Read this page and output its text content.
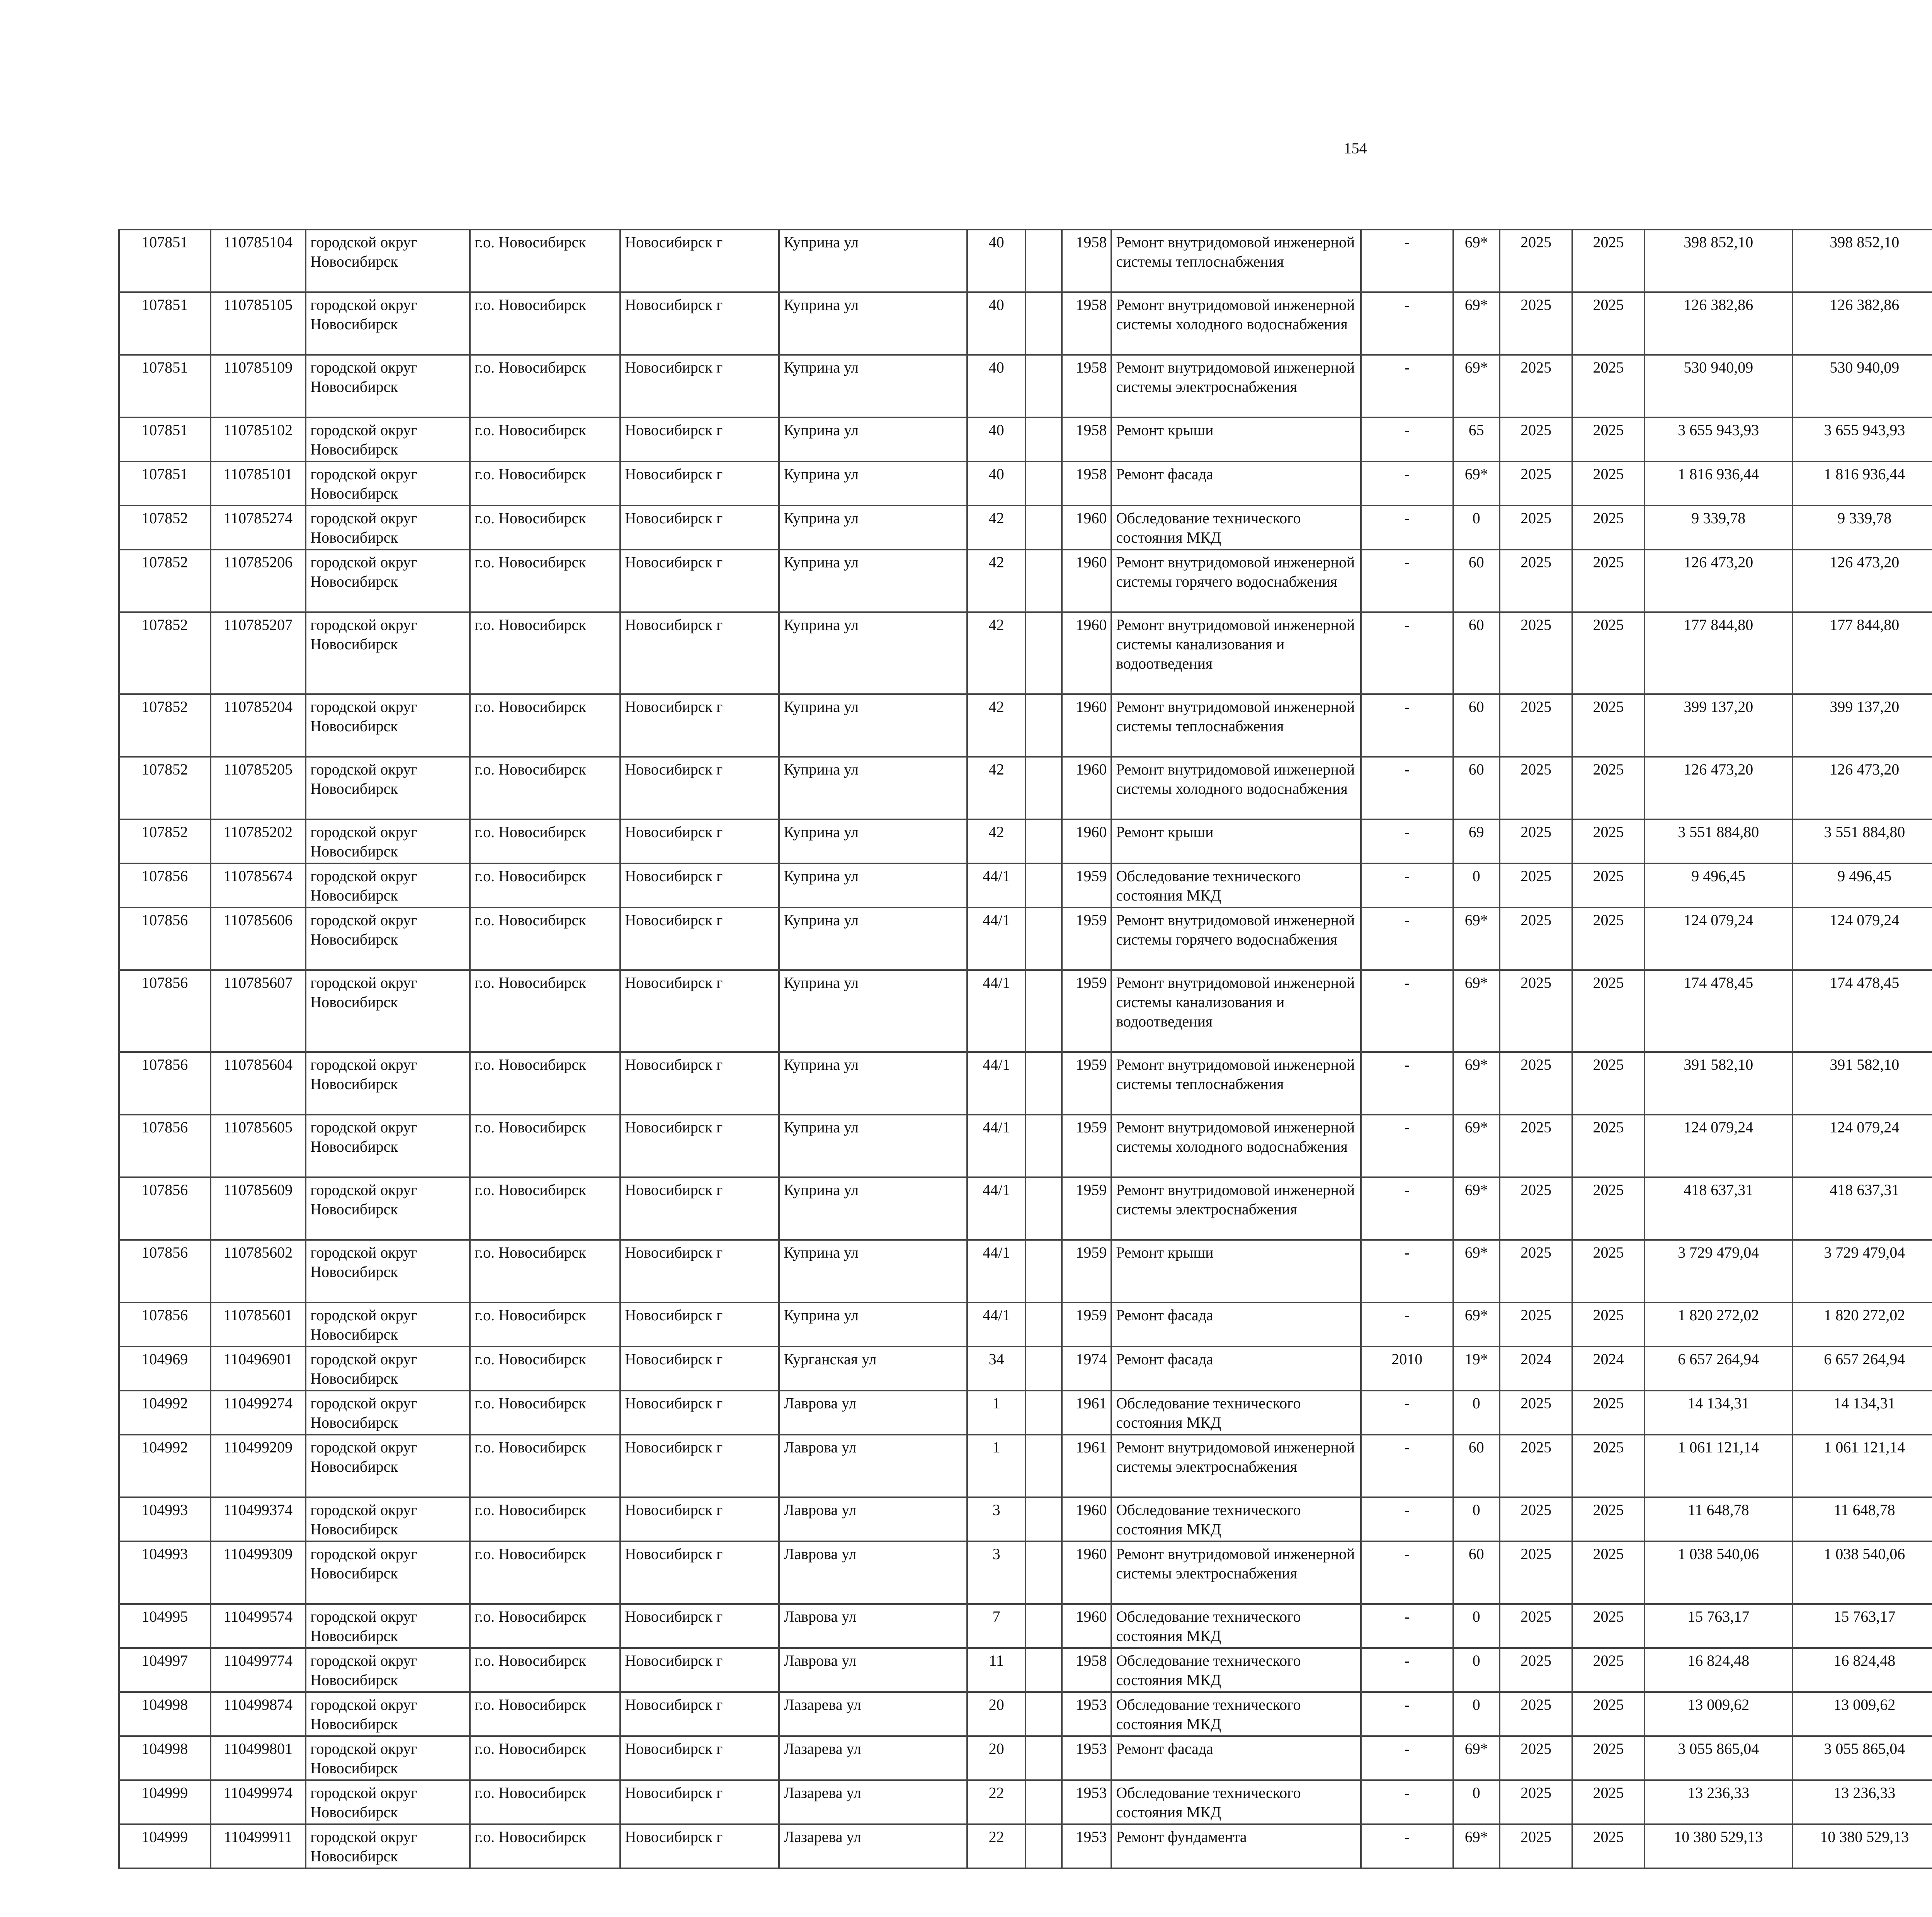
154
107851	110785104	городской округ Новосибирск	г.о. Новосибирск	Новосибирск г	Куприна ул	40		1958	Ремонт внутридомовой инженерной системы теплоснабжения	-	69*	2025	2025	398 852,10	398 852,10						
107851	110785105	городской округ Новосибирск	г.о. Новосибирск	Новосибирск г	Куприна ул	40		1958	Ремонт внутридомовой инженерной системы холодного водоснабжения	-	69*	2025	2025	126 382,86	126 382,86						
107851	110785109	городской округ Новосибирск	г.о. Новосибирск	Новосибирск г	Куприна ул	40		1958	Ремонт внутридомовой инженерной системы электроснабжения	-	69*	2025	2025	530 940,09	530 940,09						
107851	110785102	городской округ Новосибирск	г.о. Новосибирск	Новосибирск г	Куприна ул	40		1958	Ремонт крыши	-	65	2025	2025	3 655 943,93	3 655 943,93						
107851	110785101	городской округ Новосибирск	г.о. Новосибирск	Новосибирск г	Куприна ул	40		1958	Ремонт фасада	-	69*	2025	2025	1 816 936,44	1 816 936,44						
107852	110785274	городской округ Новосибирск	г.о. Новосибирск	Новосибирск г	Куприна ул	42		1960	Обследование технического состояния МКД	-	0	2025	2025	9 339,78	9 339,78						
107852	110785206	городской округ Новосибирск	г.о. Новосибирск	Новосибирск г	Куприна ул	42		1960	Ремонт внутридомовой инженерной системы горячего водоснабжения	-	60	2025	2025	126 473,20	126 473,20						
107852	110785207	городской округ Новосибирск	г.о. Новосибирск	Новосибирск г	Куприна ул	42		1960	Ремонт внутридомовой инженерной системы канализования и водоотведения	-	60	2025	2025	177 844,80	177 844,80						
107852	110785204	городской округ Новосибирск	г.о. Новосибирск	Новосибирск г	Куприна ул	42		1960	Ремонт внутридомовой инженерной системы теплоснабжения	-	60	2025	2025	399 137,20	399 137,20						
107852	110785205	городской округ Новосибирск	г.о. Новосибирск	Новосибирск г	Куприна ул	42		1960	Ремонт внутридомовой инженерной системы холодного водоснабжения	-	60	2025	2025	126 473,20	126 473,20						
107852	110785202	городской округ Новосибирск	г.о. Новосибирск	Новосибирск г	Куприна ул	42		1960	Ремонт крыши	-	69	2025	2025	3 551 884,80	3 551 884,80						
107856	110785674	городской округ Новосибирск	г.о. Новосибирск	Новосибирск г	Куприна ул	44/1		1959	Обследование технического состояния МКД	-	0	2025	2025	9 496,45	9 496,45						
107856	110785606	городской округ Новосибирск	г.о. Новосибирск	Новосибирск г	Куприна ул	44/1		1959	Ремонт внутридомовой инженерной системы горячего водоснабжения	-	69*	2025	2025	124 079,24	124 079,24						
107856	110785607	городской округ Новосибирск	г.о. Новосибирск	Новосибирск г	Куприна ул	44/1		1959	Ремонт внутридомовой инженерной системы канализования и водоотведения	-	69*	2025	2025	174 478,45	174 478,45						
107856	110785604	городской округ Новосибирск	г.о. Новосибирск	Новосибирск г	Куприна ул	44/1		1959	Ремонт внутридомовой инженерной системы теплоснабжения	-	69*	2025	2025	391 582,10	391 582,10						
107856	110785605	городской округ Новосибирск	г.о. Новосибирск	Новосибирск г	Куприна ул	44/1		1959	Ремонт внутридомовой инженерной системы холодного водоснабжения	-	69*	2025	2025	124 079,24	124 079,24						
107856	110785609	городской округ Новосибирск	г.о. Новосибирск	Новосибирск г	Куприна ул	44/1		1959	Ремонт внутридомовой инженерной системы электроснабжения	-	69*	2025	2025	418 637,31	418 637,31						
107856	110785602	городской округ Новосибирск	г.о. Новосибирск	Новосибирск г	Куприна ул	44/1		1959	Ремонт крыши	-	69*	2025	2025	3 729 479,04	3 729 479,04						
107856	110785601	городской округ Новосибирск	г.о. Новосибирск	Новосибирск г	Куприна ул	44/1		1959	Ремонт фасада	-	69*	2025	2025	1 820 272,02	1 820 272,02						
104969	110496901	городской округ Новосибирск	г.о. Новосибирск	Новосибирск г	Курганская ул	34		1974	Ремонт фасада	2010	19*	2024	2024	6 657 264,94	6 657 264,94						
104992	110499274	городской округ Новосибирск	г.о. Новосибирск	Новосибирск г	Лаврова ул	1		1961	Обследование технического состояния МКД	-	0	2025	2025	14 134,31	14 134,31						
104992	110499209	городской округ Новосибирск	г.о. Новосибирск	Новосибирск г	Лаврова ул	1		1961	Ремонт внутридомовой инженерной системы электроснабжения	-	60	2025	2025	1 061 121,14	1 061 121,14						
104993	110499374	городской округ Новосибирск	г.о. Новосибирск	Новосибирск г	Лаврова ул	3		1960	Обследование технического состояния МКД	-	0	2025	2025	11 648,78	11 648,78						
104993	110499309	городской округ Новосибирск	г.о. Новосибирск	Новосибирск г	Лаврова ул	3		1960	Ремонт внутридомовой инженерной системы электроснабжения	-	60	2025	2025	1 038 540,06	1 038 540,06						
104995	110499574	городской округ Новосибирск	г.о. Новосибирск	Новосибирск г	Лаврова ул	7		1960	Обследование технического состояния МКД	-	0	2025	2025	15 763,17	15 763,17						
104997	110499774	городской округ Новосибирск	г.о. Новосибирск	Новосибирск г	Лаврова ул	11		1958	Обследование технического состояния МКД	-	0	2025	2025	16 824,48	16 824,48						
104998	110499874	городской округ Новосибирск	г.о. Новосибирск	Новосибирск г	Лазарева ул	20		1953	Обследование технического состояния МКД	-	0	2025	2025	13 009,62	13 009,62						
104998	110499801	городской округ Новосибирск	г.о. Новосибирск	Новосибирск г	Лазарева ул	20		1953	Ремонт фасада	-	69*	2025	2025	3 055 865,04	3 055 865,04						
104999	110499974	городской округ Новосибирск	г.о. Новосибирск	Новосибирск г	Лазарева ул	22		1953	Обследование технического состояния МКД	-	0	2025	2025	13 236,33	13 236,33						
104999	110499911	городской округ Новосибирск	г.о. Новосибирск	Новосибирск г	Лазарева ул	22		1953	Ремонт фундамента	-	69*	2025	2025	10 380 529,13	10 380 529,13						
